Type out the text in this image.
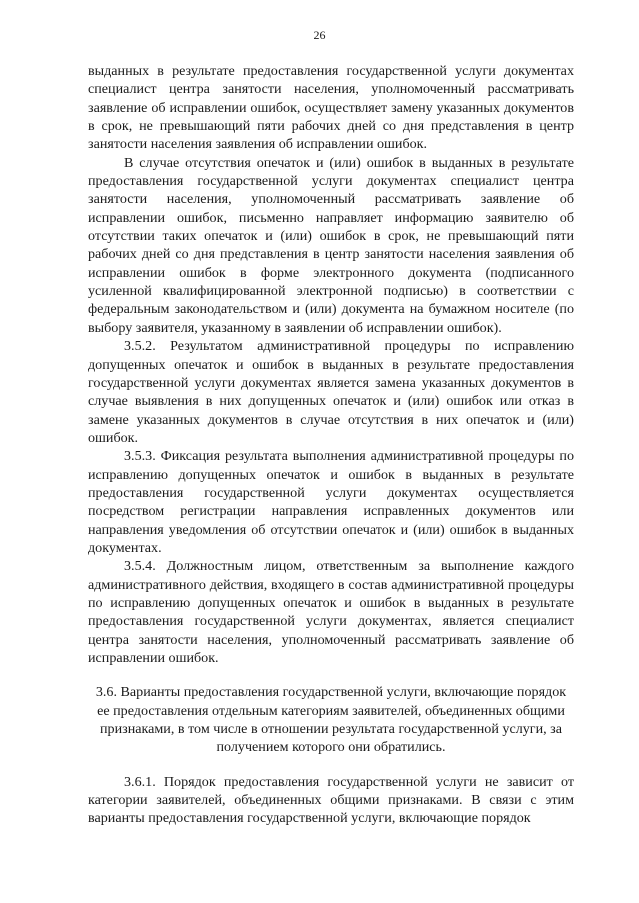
26

выданных в результате предоставления государственной услуги документах специалист центра занятости населения, уполномоченный рассматривать заявление об исправлении ошибок, осуществляет замену указанных документов в срок, не превышающий пяти рабочих дней со дня представления в центр занятости населения заявления об исправлении ошибок.

В случае отсутствия опечаток и (или) ошибок в выданных в результате предоставления государственной услуги документах специалист центра занятости населения, уполномоченный рассматривать заявление об исправлении ошибок, письменно направляет информацию заявителю об отсутствии таких опечаток и (или) ошибок в срок, не превышающий пяти рабочих дней со дня представления в центр занятости населения заявления об исправлении ошибок в форме электронного документа (подписанного усиленной квалифицированной электронной подписью) в соответствии с федеральным законодательством и (или) документа на бумажном носителе (по выбору заявителя, указанному в заявлении об исправлении ошибок).

3.5.2. Результатом административной процедуры по исправлению допущенных опечаток и ошибок в выданных в результате предоставления государственной услуги документах является замена указанных документов в случае выявления в них допущенных опечаток и (или) ошибок или отказ в замене указанных документов в случае отсутствия в них опечаток и (или) ошибок.

3.5.3. Фиксация результата выполнения административной процедуры по исправлению допущенных опечаток и ошибок в выданных в результате предоставления государственной услуги документах осуществляется посредством регистрации направления исправленных документов или направления уведомления об отсутствии опечаток и (или) ошибок в выданных документах.

3.5.4. Должностным лицом, ответственным за выполнение каждого административного действия, входящего в состав административной процедуры по исправлению допущенных опечаток и ошибок в выданных в результате предоставления государственной услуги документах, является специалист центра занятости населения, уполномоченный рассматривать заявление об исправлении ошибок.

3.6. Варианты предоставления государственной услуги, включающие порядок ее предоставления отдельным категориям заявителей, объединенных общими признаками, в том числе в отношении результата государственной услуги, за получением которого они обратились.

3.6.1. Порядок предоставления государственной услуги не зависит от категории заявителей, объединенных общими признаками. В связи с этим варианты предоставления государственной услуги, включающие порядок
